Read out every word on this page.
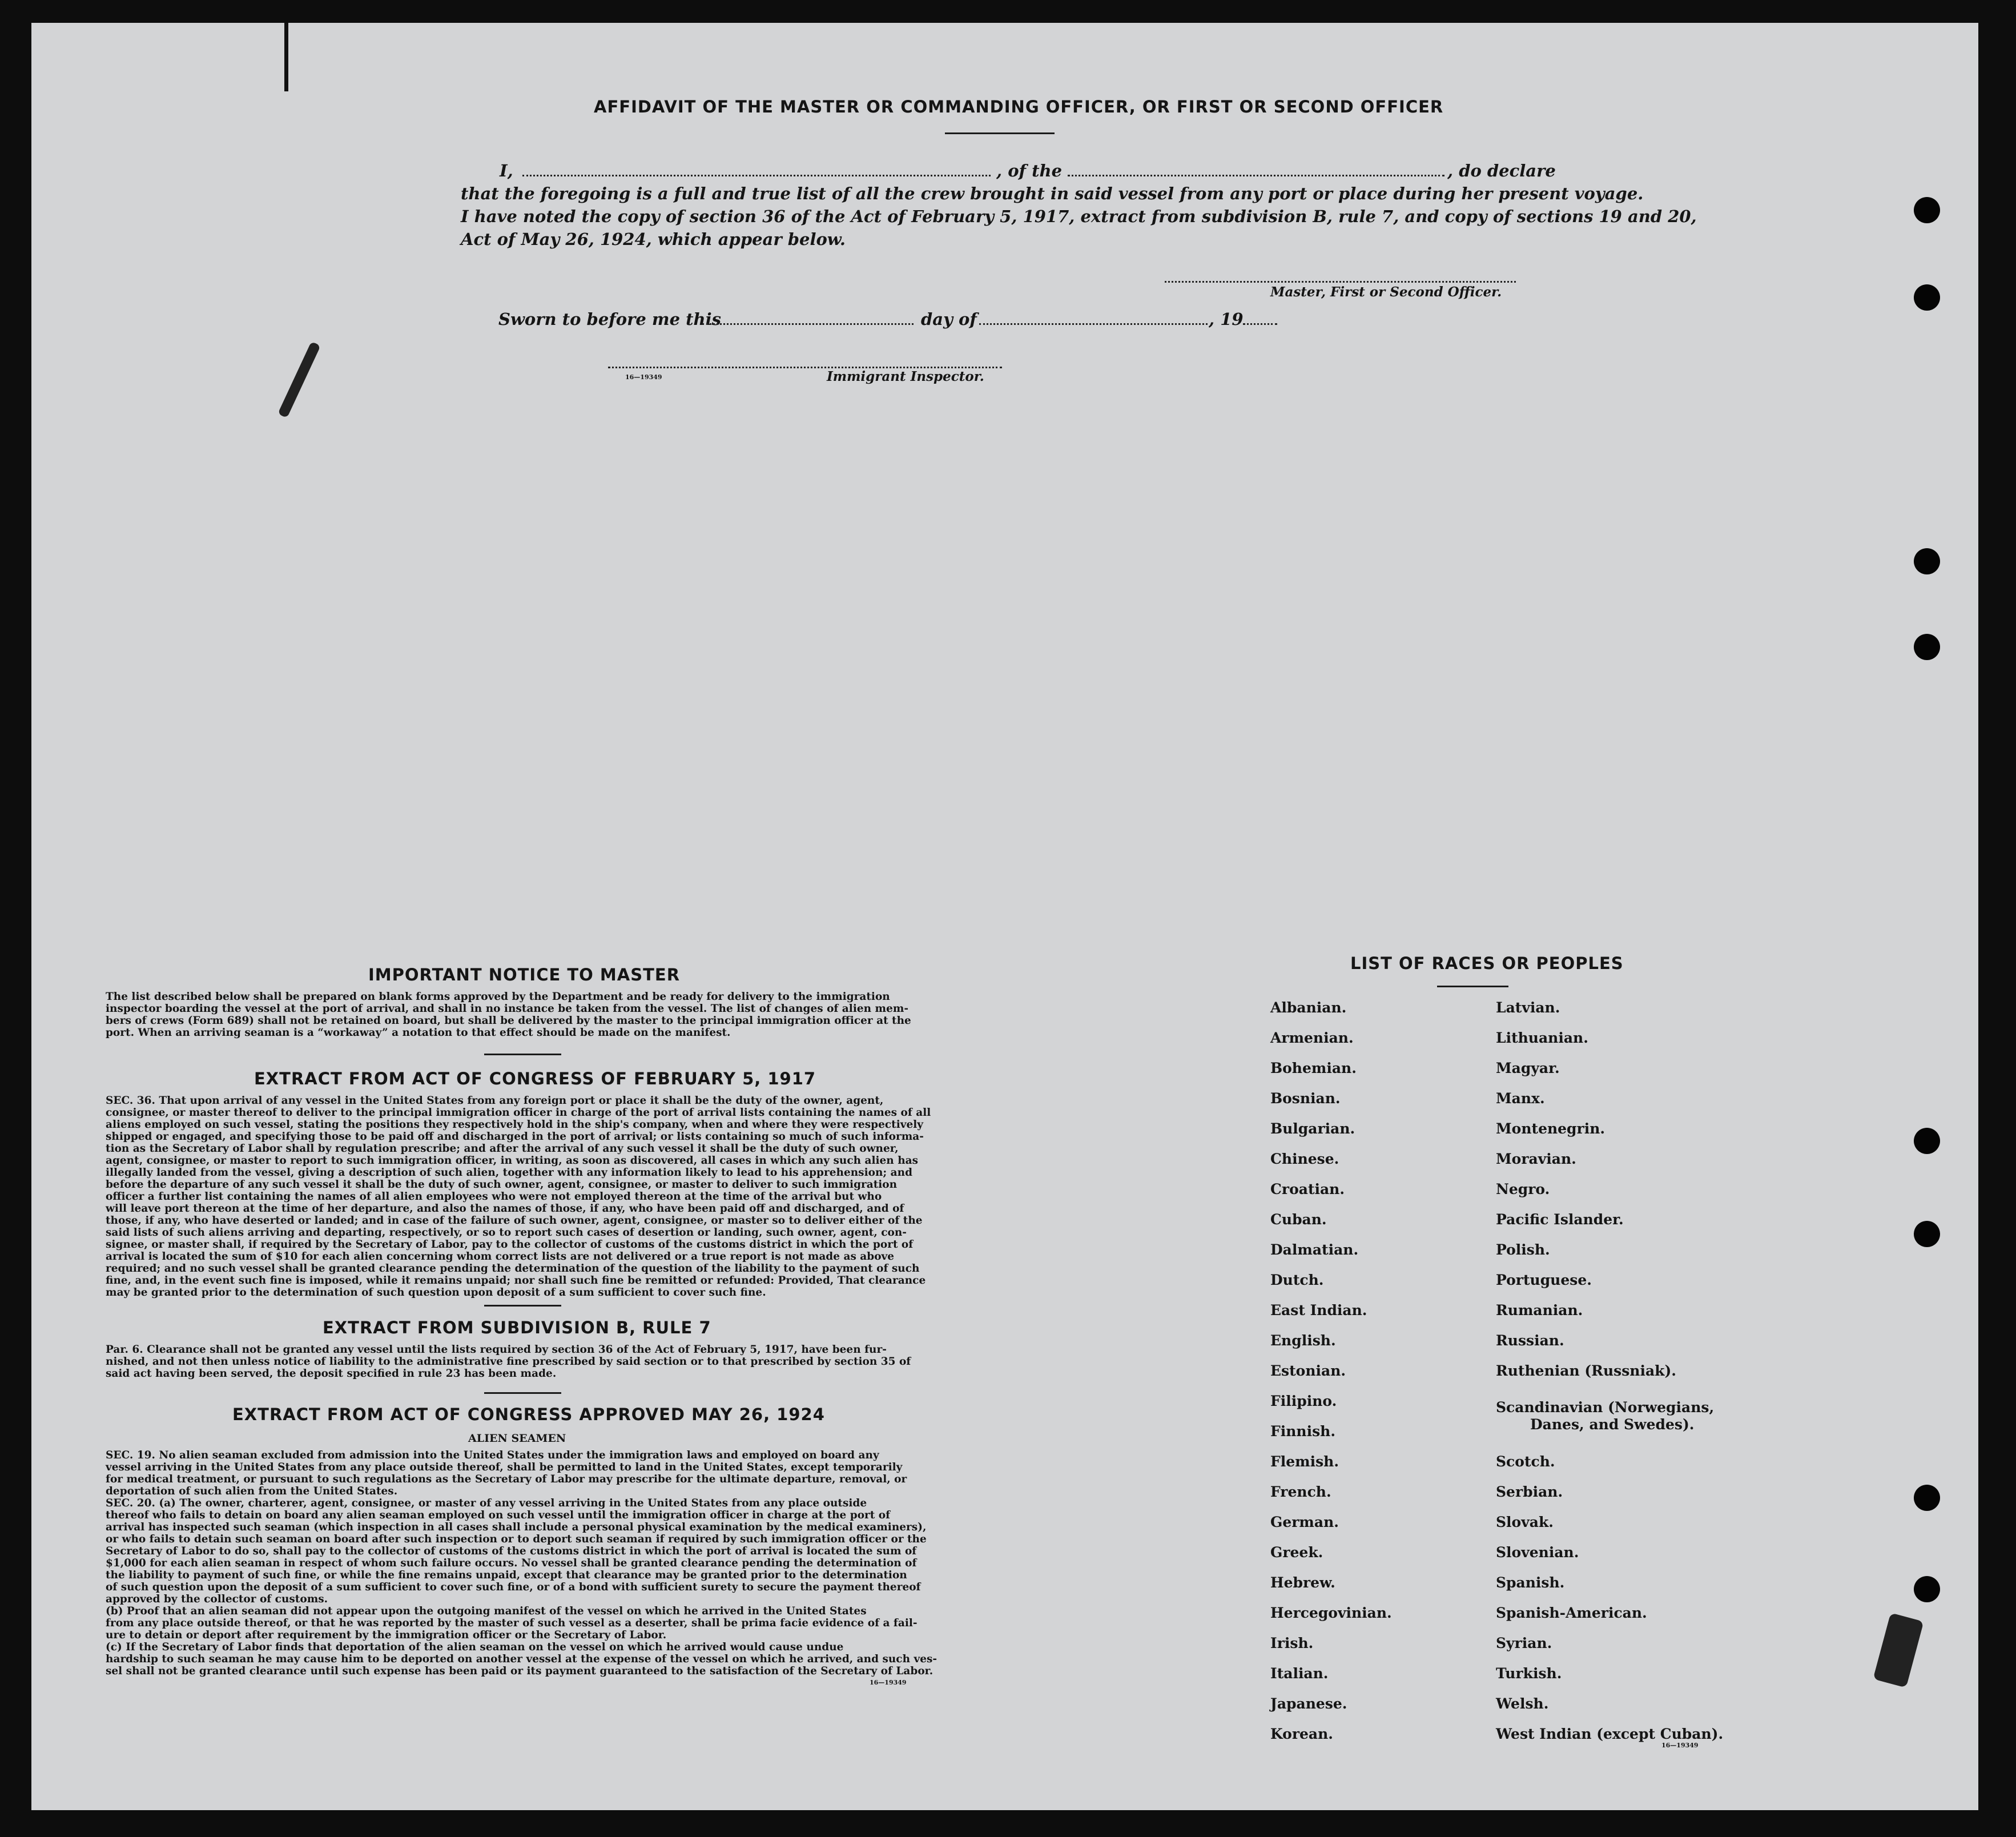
AFFIDAVIT OF THE MASTER OR COMMANDING OFFICER, OR FIRST OR SECOND OFFICER
I,	, of the	, do declare
that the foregoing is a full and true list of all the crew brought in said vessel from any port or place during her present voyage.
I have noted the copy of section 36 of the Act of February 5, 1917, extract from subdivision B, rule 7, and copy of sections 19 and 20,
Act of May 26, 1924, which appear below.
Master, First or Second Officer.
Sworn to before me this	day of	, 19
16—19349	Immigrant Inspector.
IMPORTANT NOTICE TO MASTER
The list described below shall be prepared on blank forms approved by the Department and be ready for delivery to the immigration
inspector boarding the vessel at the port of arrival, and shall in no instance be taken from the vessel. The list of changes of alien mem-
bers of crews (Form 689) shall not be retained on board, but shall be delivered by the master to the principal immigration officer at the
port. When an arriving seaman is a “workaway” a notation to that effect should be made on the manifest.
EXTRACT FROM ACT OF CONGRESS OF FEBRUARY 5, 1917
SEC. 36. That upon arrival of any vessel in the United States from any foreign port or place it shall be the duty of the owner, agent,
consignee, or master thereof to deliver to the principal immigration officer in charge of the port of arrival lists containing the names of all
aliens employed on such vessel, stating the positions they respectively hold in the ship's company, when and where they were respectively
shipped or engaged, and specifying those to be paid off and discharged in the port of arrival; or lists containing so much of such informa-
tion as the Secretary of Labor shall by regulation prescribe; and after the arrival of any such vessel it shall be the duty of such owner,
agent, consignee, or master to report to such immigration officer, in writing, as soon as discovered, all cases in which any such alien has
illegally landed from the vessel, giving a description of such alien, together with any information likely to lead to his apprehension; and
before the departure of any such vessel it shall be the duty of such owner, agent, consignee, or master to deliver to such immigration
officer a further list containing the names of all alien employees who were not employed thereon at the time of the arrival but who
will leave port thereon at the time of her departure, and also the names of those, if any, who have been paid off and discharged, and of
those, if any, who have deserted or landed; and in case of the failure of such owner, agent, consignee, or master so to deliver either of the
said lists of such aliens arriving and departing, respectively, or so to report such cases of desertion or landing, such owner, agent, con-
signee, or master shall, if required by the Secretary of Labor, pay to the collector of customs of the customs district in which the port of
arrival is located the sum of $10 for each alien concerning whom correct lists are not delivered or a true report is not made as above
required; and no such vessel shall be granted clearance pending the determination of the question of the liability to the payment of such
fine, and, in the event such fine is imposed, while it remains unpaid; nor shall such fine be remitted or refunded: Provided, That clearance
may be granted prior to the determination of such question upon deposit of a sum sufficient to cover such fine.
EXTRACT FROM SUBDIVISION B, RULE 7
Par. 6. Clearance shall not be granted any vessel until the lists required by section 36 of the Act of February 5, 1917, have been fur-
nished, and not then unless notice of liability to the administrative fine prescribed by said section or to that prescribed by section 35 of
said act having been served, the deposit specified in rule 23 has been made.
EXTRACT FROM ACT OF CONGRESS APPROVED MAY 26, 1924
ALIEN SEAMEN
SEC. 19. No alien seaman excluded from admission into the United States under the immigration laws and employed on board any
vessel arriving in the United States from any place outside thereof, shall be permitted to land in the United States, except temporarily
for medical treatment, or pursuant to such regulations as the Secretary of Labor may prescribe for the ultimate departure, removal, or
deportation of such alien from the United States.
SEC. 20. (a) The owner, charterer, agent, consignee, or master of any vessel arriving in the United States from any place outside
thereof who fails to detain on board any alien seaman employed on such vessel until the immigration officer in charge at the port of
arrival has inspected such seaman (which inspection in all cases shall include a personal physical examination by the medical examiners),
or who fails to detain such seaman on board after such inspection or to deport such seaman if required by such immigration officer or the
Secretary of Labor to do so, shall pay to the collector of customs of the customs district in which the port of arrival is located the sum of
$1,000 for each alien seaman in respect of whom such failure occurs. No vessel shall be granted clearance pending the determination of
the liability to payment of such fine, or while the fine remains unpaid, except that clearance may be granted prior to the determination
of such question upon the deposit of a sum sufficient to cover such fine, or of a bond with sufficient surety to secure the payment thereof
approved by the collector of customs.
(b) Proof that an alien seaman did not appear upon the outgoing manifest of the vessel on which he arrived in the United States
from any place outside thereof, or that he was reported by the master of such vessel as a deserter, shall be prima facie evidence of a fail-
ure to detain or deport after requirement by the immigration officer or the Secretary of Labor.
(c) If the Secretary of Labor finds that deportation of the alien seaman on the vessel on which he arrived would cause undue
hardship to such seaman he may cause him to be deported on another vessel at the expense of the vessel on which he arrived, and such ves-
sel shall not be granted clearance until such expense has been paid or its payment guaranteed to the satisfaction of the Secretary of Labor.
16—19349
LIST OF RACES OR PEOPLES
Albanian.
Armenian.
Bohemian.
Bosnian.
Bulgarian.
Chinese.
Croatian.
Cuban.
Dalmatian.
Dutch.
East Indian.
English.
Estonian.
Filipino.
Finnish.
Flemish.
French.
German.
Greek.
Hebrew.
Hercegovinian.
Irish.
Italian.
Japanese.
Korean.
Latvian.
Lithuanian.
Magyar.
Manx.
Montenegrin.
Moravian.
Negro.
Pacific Islander.
Polish.
Portuguese.
Rumanian.
Russian.
Ruthenian (Russniak).
Scandinavian (Norwegians,
Danes, and Swedes).
Scotch.
Serbian.
Slovak.
Slovenian.
Spanish.
Spanish-American.
Syrian.
Turkish.
Welsh.
West Indian (except Cuban).
16—19349
